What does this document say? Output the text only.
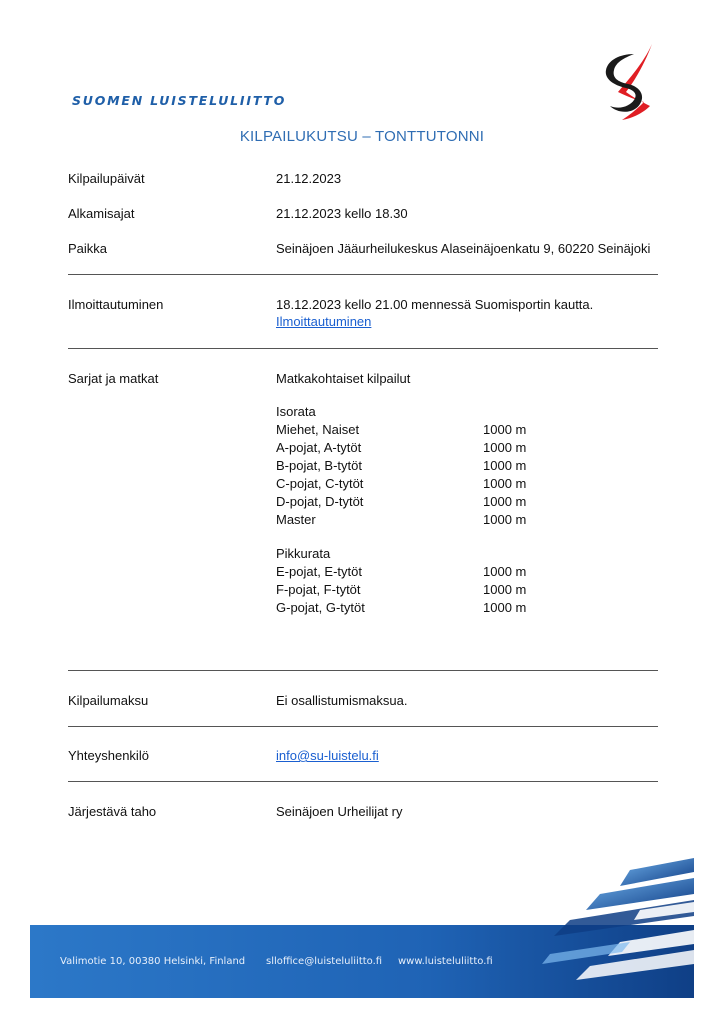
SUOMEN LUISTELULIITTO
KILPAILUKUTSU – TONTTUTONNI
Kilpailupäivät	21.12.2023
Alkamisajat	21.12.2023 kello 18.30
Paikka	Seinäjoen Jääurheilukeskus Alaseinäjoenkatu 9, 60220 Seinäjoki
Ilmoittautuminen	18.12.2023 kello 21.00 mennessä Suomisportin kautta.
Ilmoittautuminen
Sarjat ja matkat	Matkakohtaiset kilpailut
Isorata
Miehet, Naiset	1000 m
A-pojat, A-tytöt	1000 m
B-pojat, B-tytöt	1000 m
C-pojat, C-tytöt	1000 m
D-pojat, D-tytöt	1000 m
Master	1000 m
Pikkurata
E-pojat, E-tytöt	1000 m
F-pojat, F-tytöt	1000 m
G-pojat, G-tytöt	1000 m
Kilpailumaksu	Ei osallistumismaksua.
Yhteyshenkilö	info@su-luistelu.fi
Järjestävä taho	Seinäjoen Urheilijat ry
Valimotie 10, 00380 Helsinki, Finland slloffice@luisteluliitto.fi www.luisteluliitto.fi
